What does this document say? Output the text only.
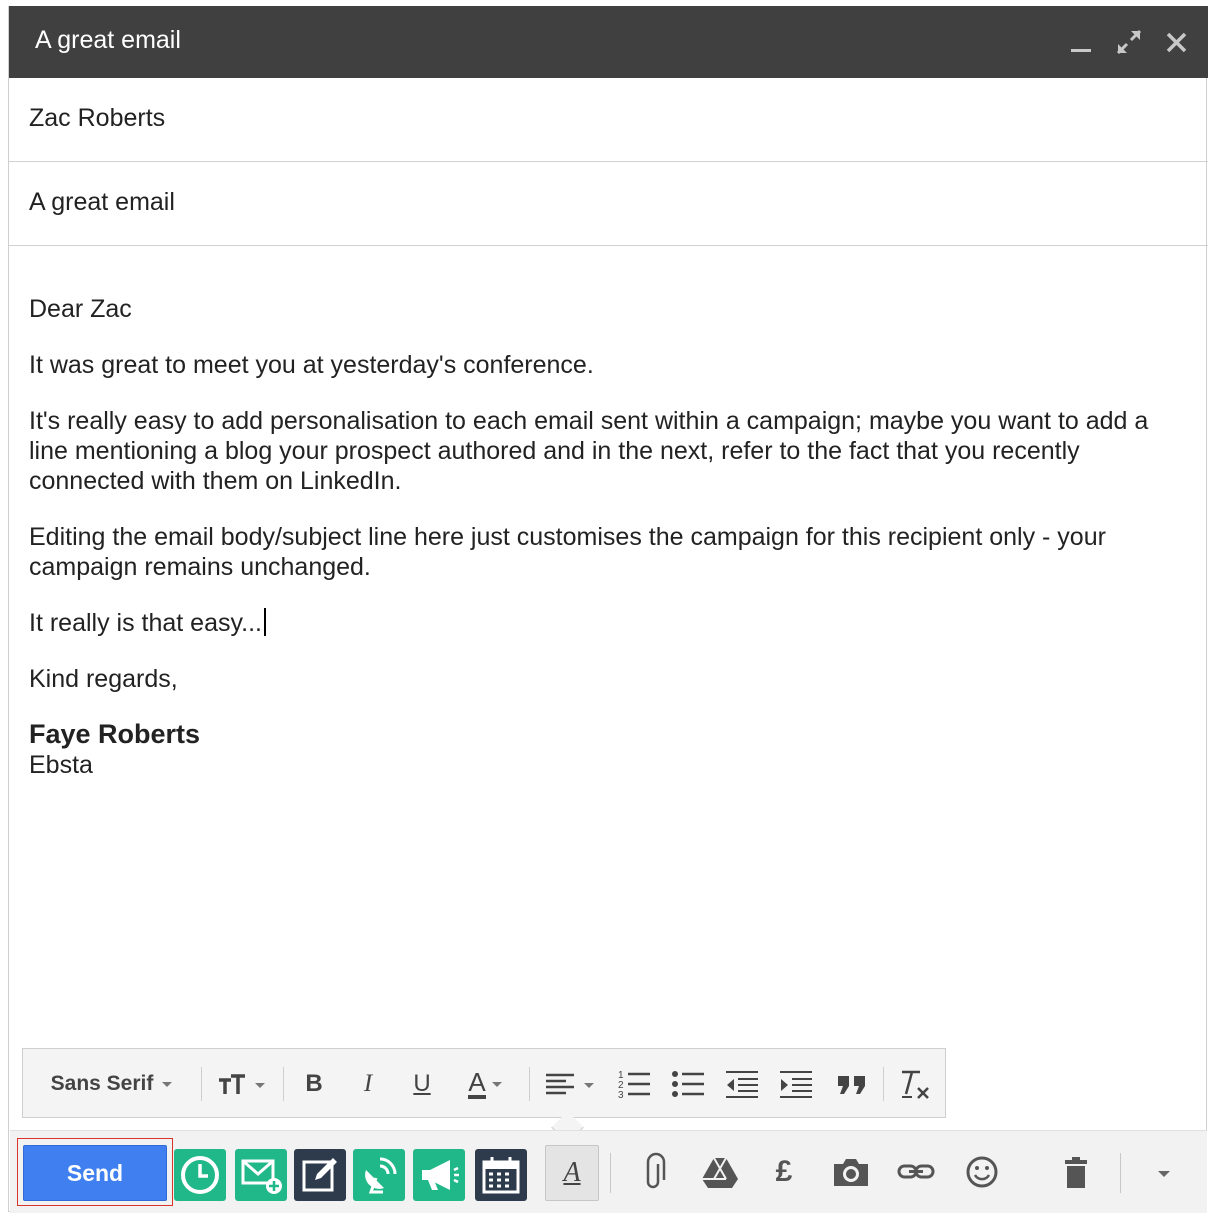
A great email
Zac Roberts
A great email

Dear Zac

It was great to meet you at yesterday's conference.

It's really easy to add personalisation to each email sent within a campaign; maybe you want to add a line mentioning a blog your prospect authored and in the next, refer to the fact that you recently connected with them on LinkedIn.

Editing the email body/subject line here just customises the campaign for this recipient only - your campaign remains unchanged.

It really is that easy...

Kind regards,

Faye Roberts
Ebsta
Sans Serif	B I U A	1
2
3
Send	A	£
